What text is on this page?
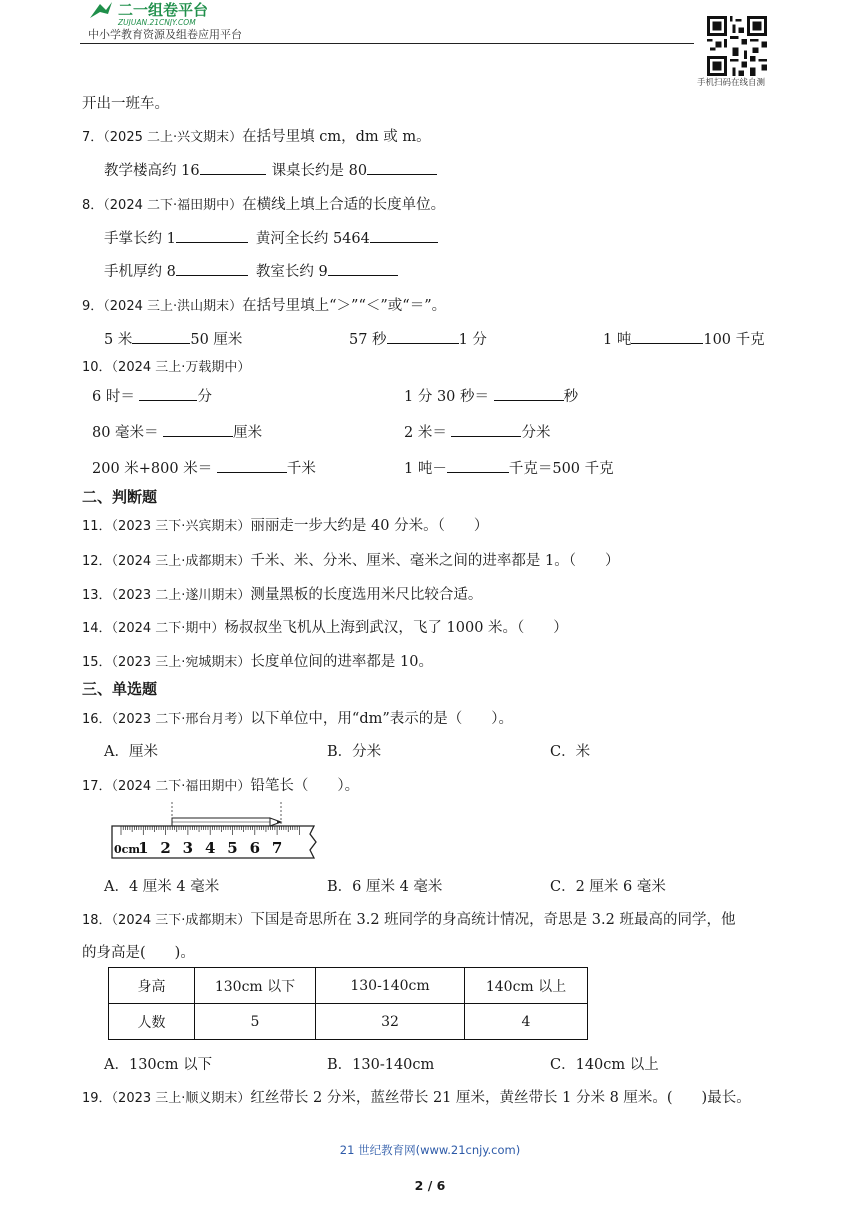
二一组卷平台
ZUJUAN.21CNJY.COM
中小学教育资源及组卷应用平台
手机扫码在线自测
开出一班车。
7．（2025 二上·兴文期末）在括号里填 cm，dm 或 m。
教学楼高约 16	课桌长约是 80
8．（2024 二下·福田期中）在横线上填上合适的长度单位。
手掌长约 1	黄河全长约 5464
手机厚约 8	教室长约 9
9．（2024 三上·洪山期末）在括号里填上“＞”“＜”或“＝”。
5 米	50 厘米	57 秒	1 分	1 吨	100 千克
10．（2024 三上·万载期中）
6 时＝	分	1 分 30 秒＝	秒
80 毫米＝	厘米	2 米＝	分米
200 米+800 米＝	千米	1 吨－	千克＝500 千克
二、判断题
11．（2023 三下·兴宾期末）丽丽走一步大约是 40 分米。（　　）
12．（2024 三上·成都期末）千米、米、分米、厘米、毫米之间的进率都是 1。（　　）
13．（2023 二上·遂川期末）测量黑板的长度选用米尺比较合适。
14．（2024 二下·期中）杨叔叔坐飞机从上海到武汉，飞了 1000 米。（　　）
15．（2023 三上·宛城期末）长度单位间的进率都是 10。
三、单选题
16．（2023 二下·邢台月考）以下单位中，用“dm”表示的是（　　）。
A．厘米	B．分米	C．米
17．（2024 二下·福田期中）铅笔长（　　）。
0cm
1 2 3 4 5 6 7
A．4 厘米 4 毫米	B．6 厘米 4 毫米	C．2 厘米 6 毫米
18．（2024 三下·成都期末）下国是奇思所在 3.2 班同学的身高统计情况，奇思是 3.2 班最高的同学，他
的身高是(　　)。
身高	130cm 以下	130-140cm	140cm 以上
人数	5	32	4
A．130cm 以下	B．130-140cm	C．140cm 以上
19．（2023 三上·顺义期末）红丝带长 2 分米，蓝丝带长 21 厘米，黄丝带长 1 分米 8 厘米。(　　)最长。
21 世纪教育网(www.21cnjy.com)
2 / 6
